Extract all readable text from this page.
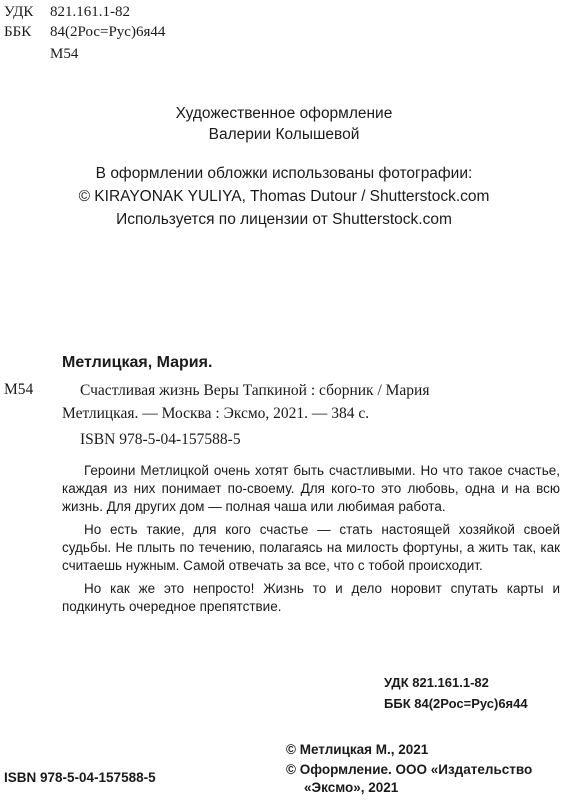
УДК 821.161.1-82
ББК 84(2Рос=Рус)6я44
М54
Художественное оформление
Валерии Колышевой
В оформлении обложки использованы фотографии:
© KIRAYONAK YULIYA, Thomas Dutour / Shutterstock.com
Используется по лицензии от Shutterstock.com
Метлицкая, Мария.
М54	Счастливая жизнь Веры Тапкиной : сборник / Мария
Метлицкая. — Москва : Эксмо, 2021. — 384 с.
ISBN 978-5-04-157588-5

Героини Метлицкой очень хотят быть счастливыми. Но что такое счастье, каждая из них понимает по-своему. Для кого-то это любовь, одна и на всю жизнь. Для других дом — полная чаша или любимая работа.

Но есть такие, для кого счастье — стать настоящей хозяйкой своей судьбы. Не плыть по течению, полагаясь на милость фортуны, а жить так, как считаешь нужным. Самой отвечать за все, что с тобой происходит.

Но как же это непросто! Жизнь то и дело норовит спутать карты и подкинуть очередное препятствие.

УДК 821.161.1-82
ББК 84(2Рос=Рус)6я44
© Метлицкая М., 2021
© Оформление. ООО «Издательство
«Эксмо», 2021
ISBN 978-5-04-157588-5
